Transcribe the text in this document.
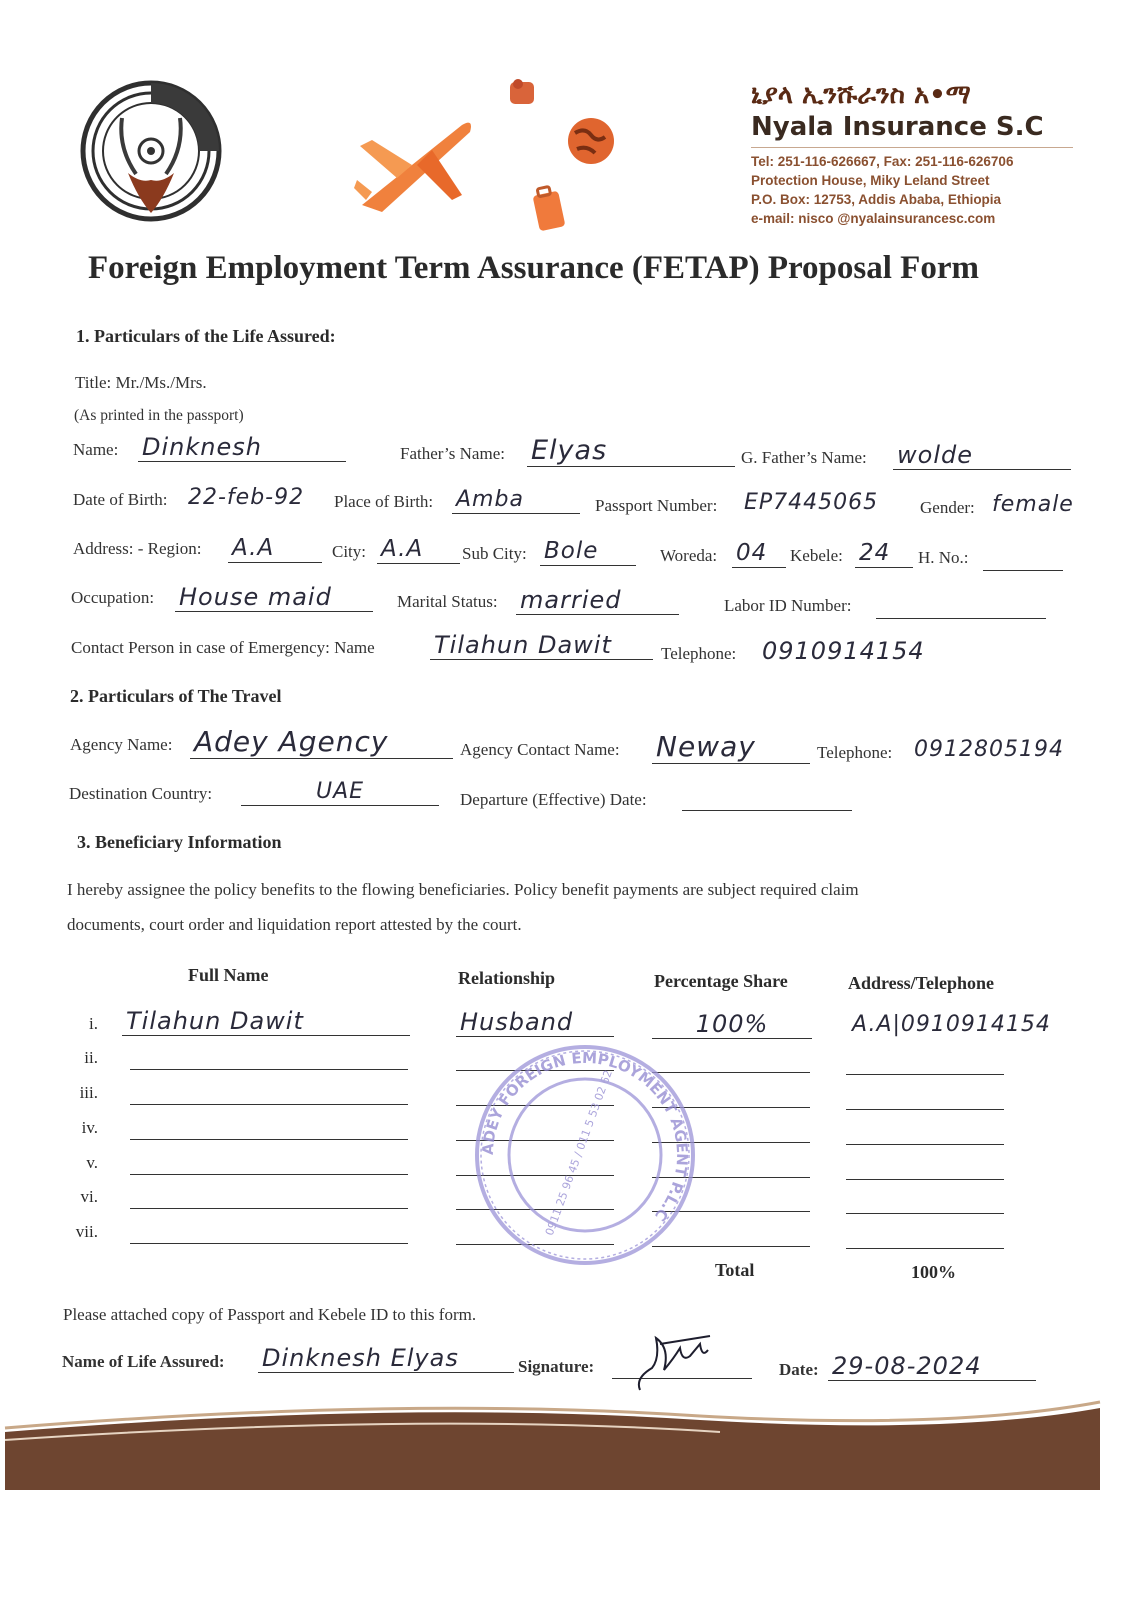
ኒያላ ኢንሹራንስ አ•ማ
Nyala Insurance S.C
Tel: 251-116-626667, Fax: 251-116-626706
Protection House, Miky Leland Street
P.O. Box: 12753, Addis Ababa, Ethiopia
e-mail: nisco @nyalainsurancesc.com
Foreign Employment Term Assurance (FETAP) Proposal Form
1. Particulars of the Life Assured:
Title: Mr./Ms./Mrs.
(As printed in the passport)
Name: Dinknesh	Father’s Name: Elyas	G. Father’s Name: wolde
Date of Birth: 22-feb-92	Place of Birth: Amba	Passport Number: EP7445065	Gender: female
Address: - Region: A.A	City: A.A	Sub City: Bole	Woreda: 04	Kebele: 24	H. No.:
Occupation: House maid	Marital Status: married	Labor ID Number:
Contact Person in case of Emergency: Name Tilahun Dawit	Telephone: 0910914154
2. Particulars of The Travel
Agency Name: Adey Agency	Agency Contact Name: Neway	Telephone: 0912805194
Destination Country:	UAE	Departure (Effective) Date:
3. Beneficiary Information
I hereby assignee the policy benefits to the flowing beneficiaries. Policy benefit payments are subject required claim
documents, court order and liquidation report attested by the court.
Full Name	Relationship	Percentage Share	Address/Telephone
i. Tilahun Dawit	Husband	100%	A.A|0910914154
ii.
iii.
iv.
v.
vi.
vii.
ADEY FOREIGN EMPLOYMENT AGENT P.L.C
0911 25 96 45 / 011 5 53 02 62
Total	100%
Please attached copy of Passport and Kebele ID to this form.
Name of Life Assured: Dinknesh Elyas	Signature:	Date: 29-08-2024
